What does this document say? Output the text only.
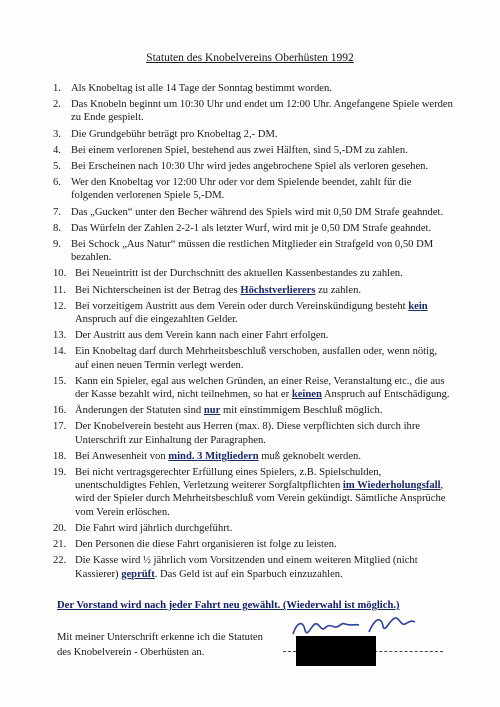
Statuten des Knobelvereins Oberhüsten 1992
1. Als Knobeltag ist alle 14 Tage der Sonntag bestimmt worden.
2. Das Knobeln beginnt um 10:30 Uhr und endet um 12:00 Uhr. Angefangene Spiele werden zu Ende gespielt.
3. Die Grundgebühr beträgt pro Knobeltag 2,- DM.
4. Bei einem verlorenen Spiel, bestehend aus zwei Hälften, sind 5,-DM zu zahlen.
5. Bei Erscheinen nach 10:30 Uhr wird jedes angebrochene Spiel als verloren gesehen.
6. Wer den Knobeltag vor 12:00 Uhr oder vor dem Spielende beendet, zahlt für die folgenden verlorenen Spiele 5,-DM.
7. Das „Gucken“ unter den Becher während des Spiels wird mit 0,50 DM Strafe geahndet.
8. Das Würfeln der Zahlen 2-2-1 als letzter Wurf, wird mit je 0,50 DM Strafe geahndet.
9. Bei Schock „Aus Natur“ müssen die restlichen Mitglieder ein Strafgeld von 0,50 DM bezahlen.
10. Bei Neueintritt ist der Durchschnitt des aktuellen Kassenbestandes zu zahlen.
11. Bei Nichterscheinen ist der Betrag des Höchstverlierers zu zahlen.
12. Bei vorzeitigem Austritt aus dem Verein oder durch Vereinskündigung besteht kein Anspruch auf die eingezahlten Gelder.
13. Der Austritt aus dem Verein kann nach einer Fahrt erfolgen.
14. Ein Knobeltag darf durch Mehrheitsbeschluß verschoben, ausfallen oder, wenn nötig, auf einen neuen Termin verlegt werden.
15. Kann ein Spieler, egal aus welchen Gründen, an einer Reise, Veranstaltung etc., die aus der Kasse bezahlt wird, nicht teilnehmen, so hat er keinen Anspruch auf Entschädigung.
16. Änderungen der Statuten sind nur mit einstimmigem Beschluß möglich.
17. Der Knobelverein besteht aus Herren (max. 8). Diese verpflichten sich durch ihre Unterschrift zur Einhaltung der Paragraphen.
18. Bei Anwesenheit von mind. 3 Mitgliedern muß geknobelt werden.
19. Bei nicht vertragsgerechter Erfüllung eines Spielers, z.B. Spielschulden, unentschuldigtes Fehlen, Verletzung weiterer Sorgfaltpflichten im Wiederholungsfall, wird der Spieler durch Mehrheitsbeschluß vom Verein gekündigt. Sämtliche Ansprüche vom Verein erlöschen.
20. Die Fahrt wird jährlich durchgeführt.
21. Den Personen die diese Fahrt organisieren ist folge zu leisten.
22. Die Kasse wird ½ jährlich vom Vorsitzenden und einem weiteren Mitglied (nicht Kassierer) geprüft. Das Geld ist auf ein Sparbuch einzuzahlen.
Der Vorstand wird nach jeder Fahrt neu gewählt. (Wiederwahl ist möglich.)
Mit meiner Unterschrift erkenne ich die Statuten
des Knobelverein - Oberhüsten an.
